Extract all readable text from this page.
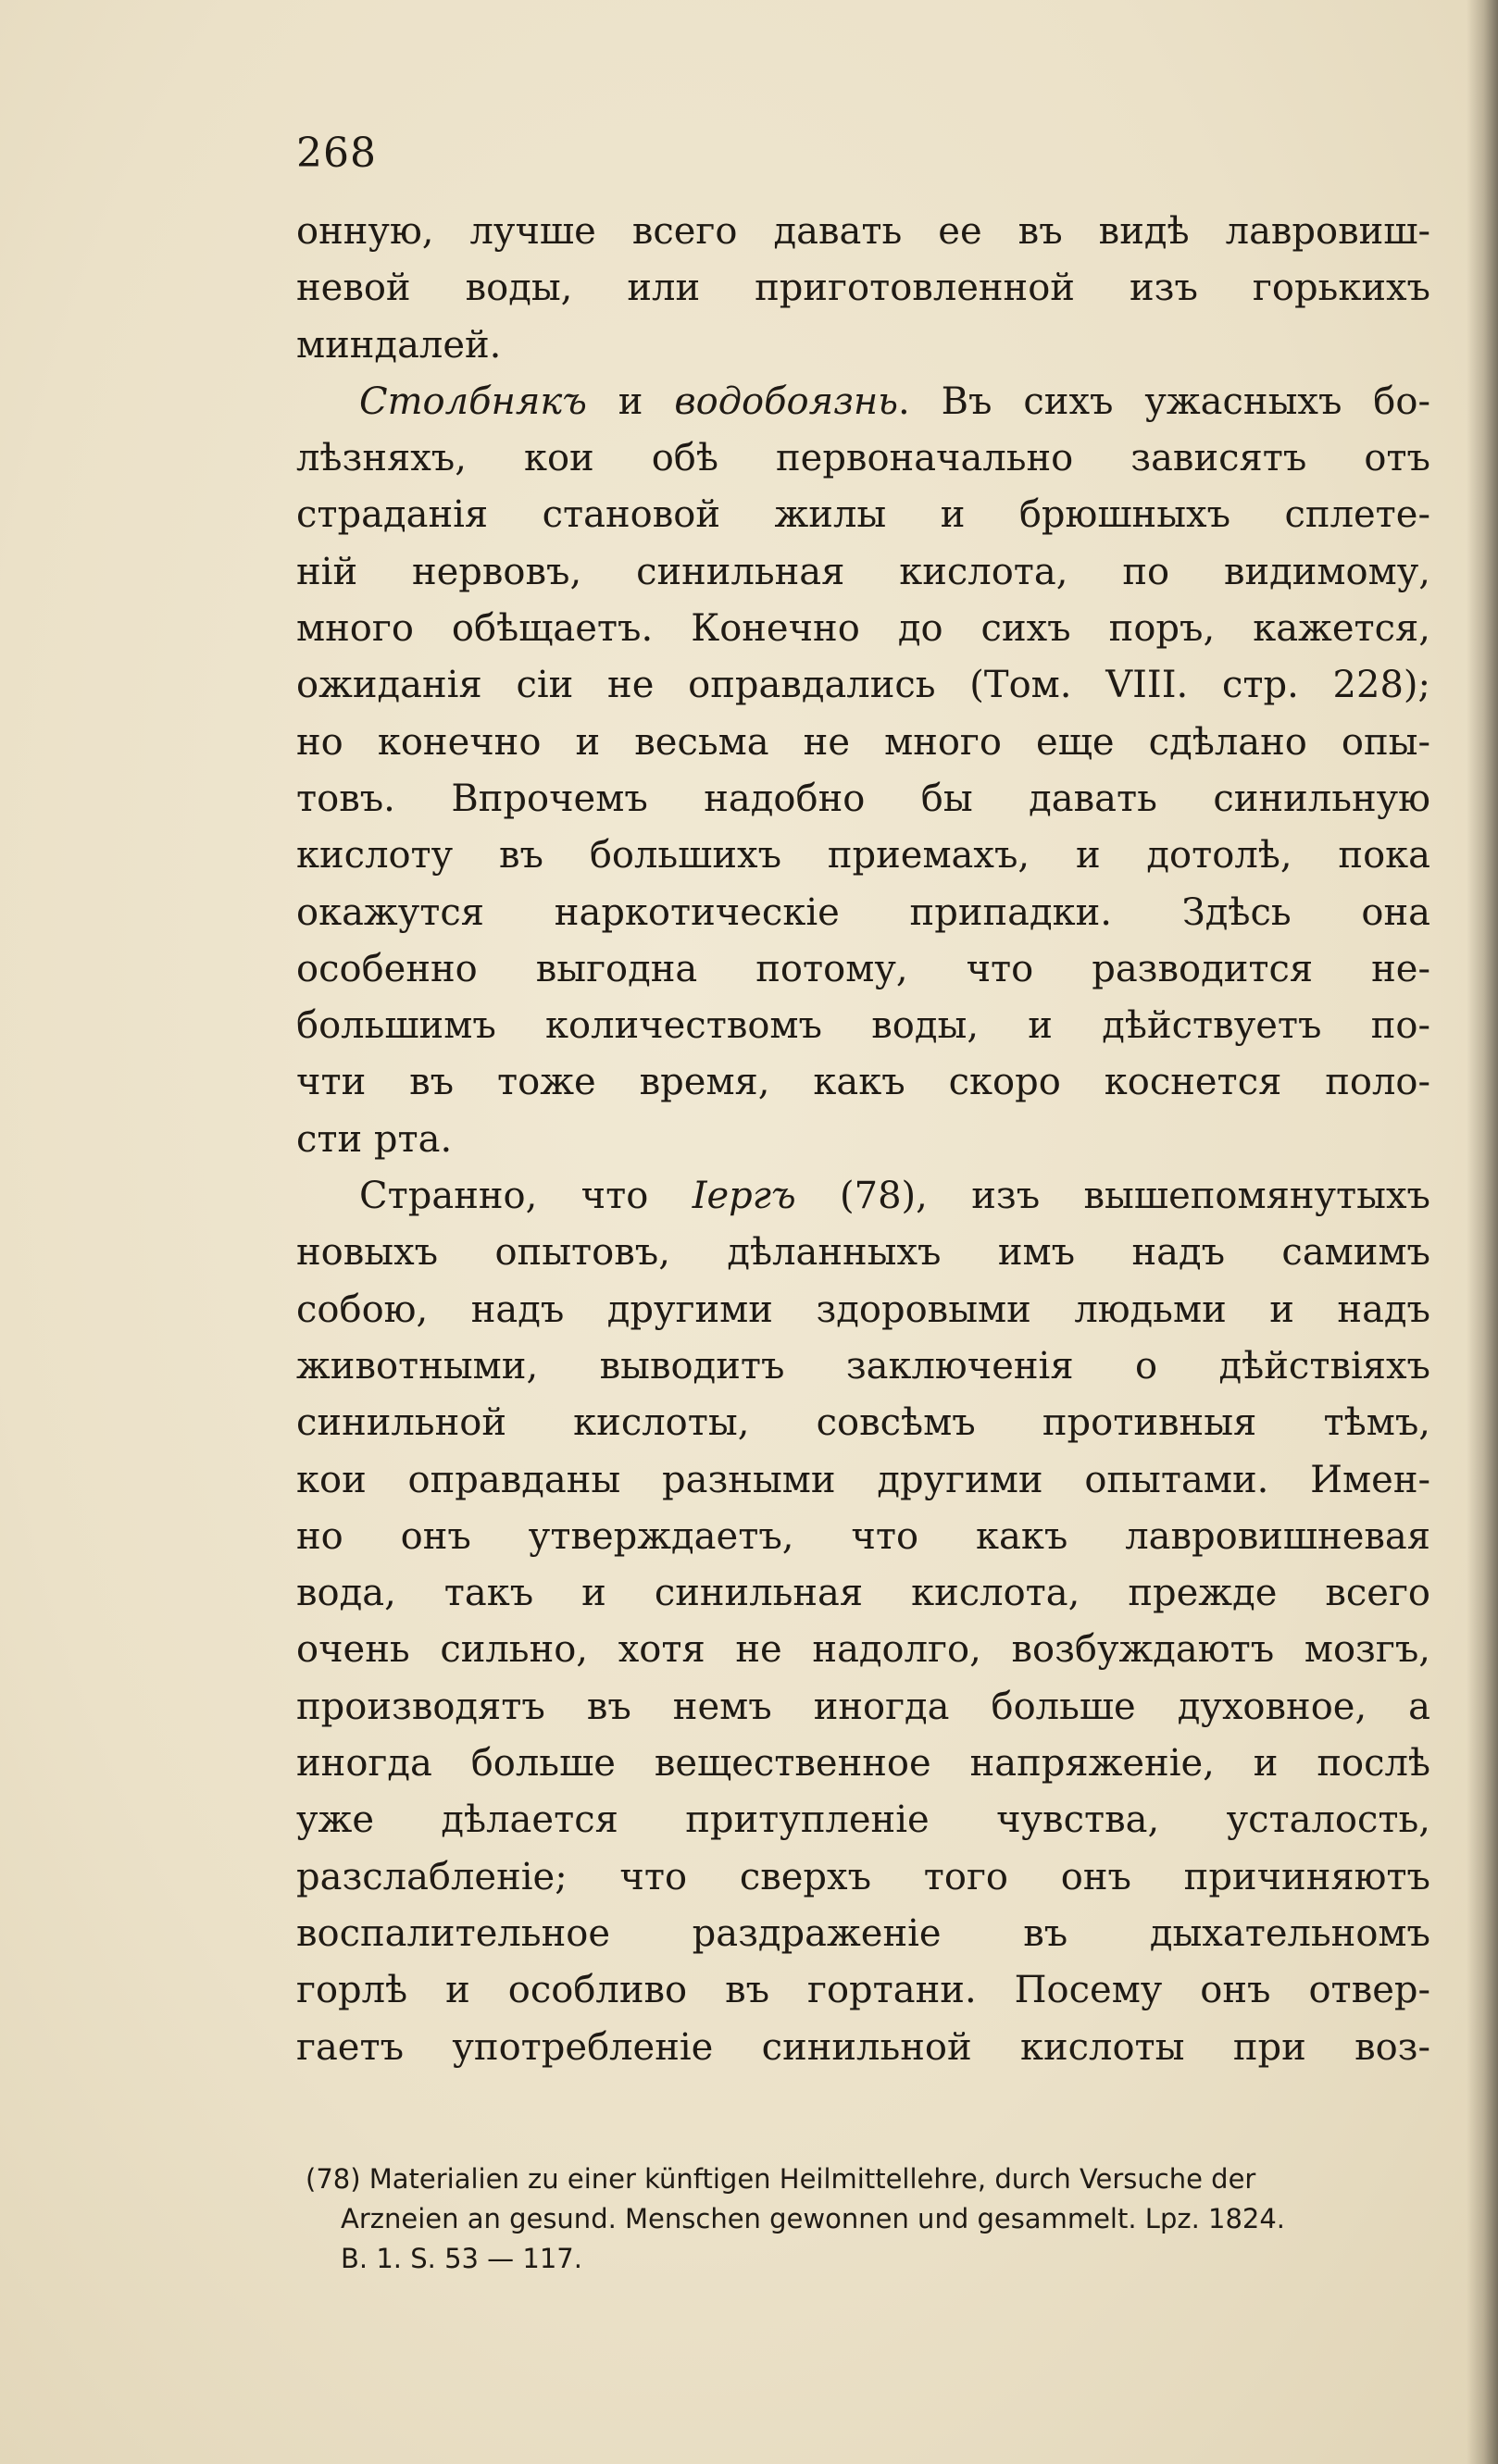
268
онную, лучше всего давать ее въ видѣ лавровиш-
невой воды, или приготовленной изъ горькихъ
миндалей.
Столбнякъ и водобоязнь. Въ сихъ ужасныхъ бо-
лѣзняхъ, кои обѣ первоначально зависятъ отъ
страданія становой жилы и брюшныхъ сплете-
ній нервовъ, синильная кислота, по видимому,
много обѣщаетъ. Конечно до сихъ поръ, кажется,
ожиданія сіи не оправдались (Том. VIII. стр. 228);
но конечно и весьма не много еще сдѣлано опы-
товъ. Впрочемъ надобно бы давать синильную
кислоту въ большихъ приемахъ, и дотолѣ, пока
окажутся наркотическіе припадки. Здѣсь она
особенно выгодна потому, что разводится не-
большимъ количествомъ воды, и дѣйствуетъ по-
чти въ тоже время, какъ скоро коснется поло-
сти рта.
Странно, что Іергъ (78), изъ вышепомянутыхъ
новыхъ опытовъ, дѣланныхъ имъ надъ самимъ
собою, надъ другими здоровыми людьми и надъ
животными, выводитъ заключенія о дѣйствіяхъ
синильной кислоты, совсѣмъ противныя тѣмъ,
кои оправданы разными другими опытами. Имен-
но онъ утверждаетъ, что какъ лавровишневая
вода, такъ и синильная кислота, прежде всего
очень сильно, хотя не надолго, возбуждаютъ мозгъ,
производятъ въ немъ иногда больше духовное, а
иногда больше вещественное напряженіе, и послѣ
уже дѣлается притупленіе чувства, усталость,
разслабленіе; что сверхъ того онъ причиняютъ
воспалительное раздраженіе въ дыхательномъ
горлѣ и особливо въ гортани. Посему онъ отвер-
гаетъ употребленіе синильной кислоты при воз-
(78) Materialien zu einer künftigen Heilmittellehre, durch Versuche der
Arzneien an gesund. Menschen gewonnen und gesammelt. Lpz. 1824.
B. 1. S. 53 — 117.
